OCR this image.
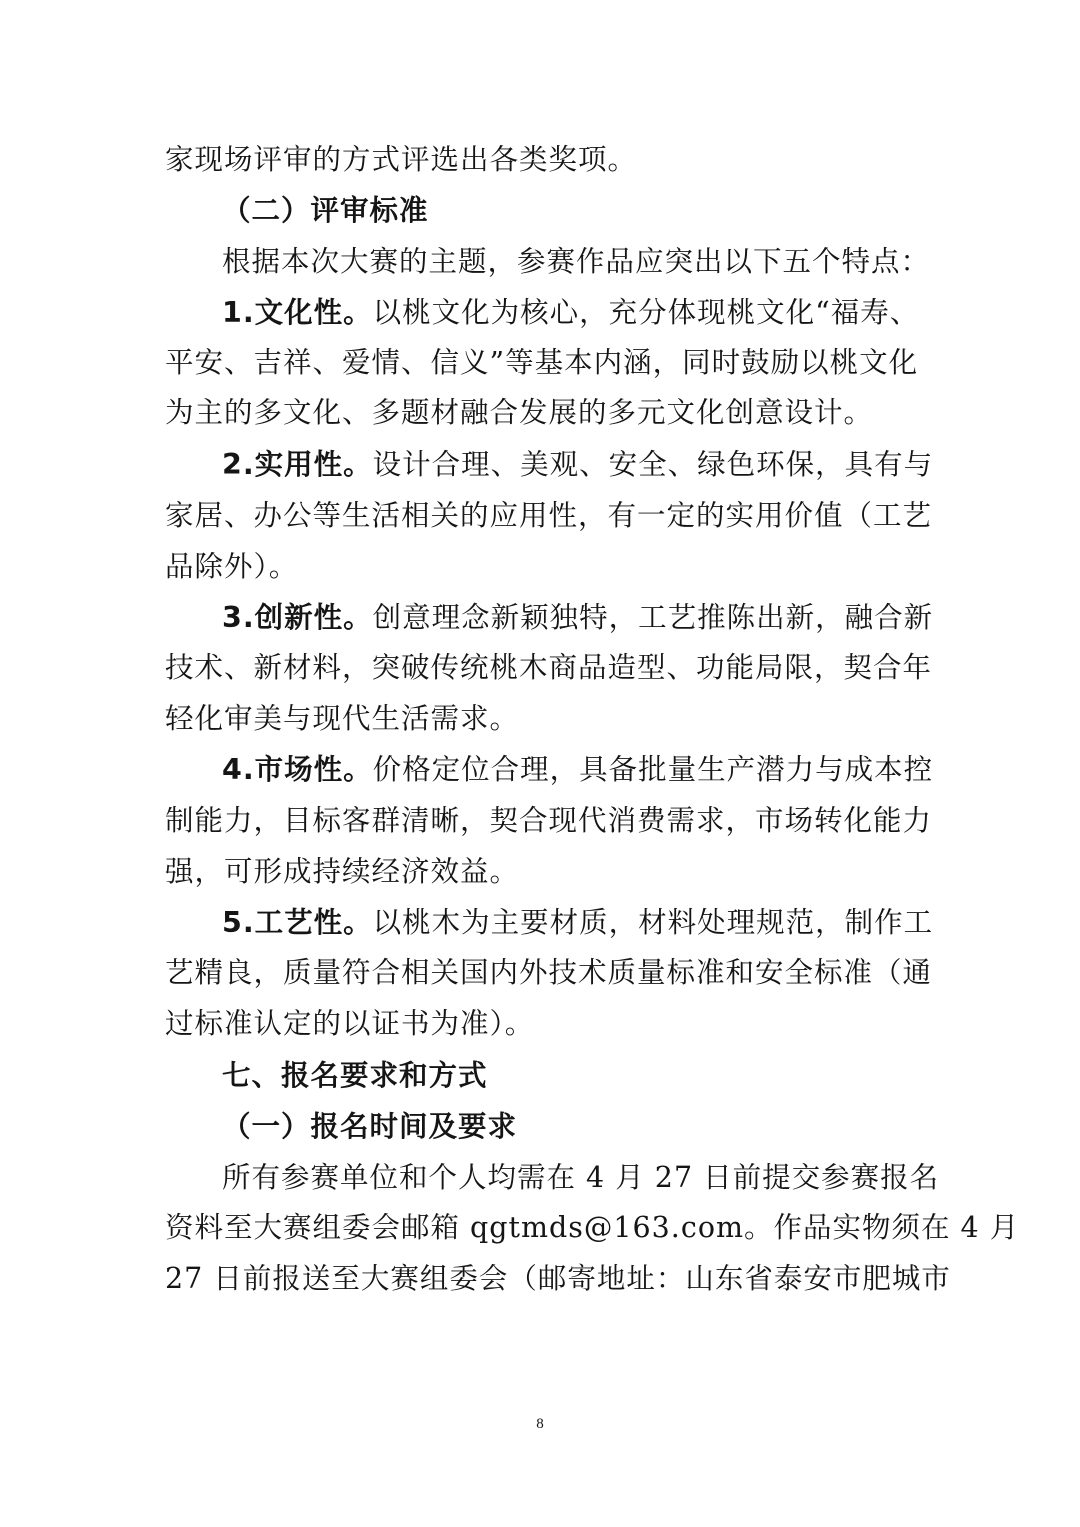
家现场评审的方式评选出各类奖项。
（二）评审标准
根据本次大赛的主题，参赛作品应突出以下五个特点：
1.文化性。以桃文化为核心，充分体现桃文化“福寿、
平安、吉祥、爱情、信义”等基本内涵，同时鼓励以桃文化
为主的多文化、多题材融合发展的多元文化创意设计。
2.实用性。设计合理、美观、安全、绿色环保，具有与
家居、办公等生活相关的应用性，有一定的实用价值（工艺
品除外）。
3.创新性。创意理念新颖独特，工艺推陈出新，融合新
技术、新材料，突破传统桃木商品造型、功能局限，契合年
轻化审美与现代生活需求。
4.市场性。价格定位合理，具备批量生产潜力与成本控
制能力，目标客群清晰，契合现代消费需求，市场转化能力
强，可形成持续经济效益。
5.工艺性。以桃木为主要材质，材料处理规范，制作工
艺精良，质量符合相关国内外技术质量标准和安全标准（通
过标准认定的以证书为准）。
七、报名要求和方式
（一）报名时间及要求
所有参赛单位和个人均需在 4 月 27 日前提交参赛报名
资料至大赛组委会邮箱 qgtmds@163.com。作品实物须在 4 月
27 日前报送至大赛组委会（邮寄地址：山东省泰安市肥城市
8
